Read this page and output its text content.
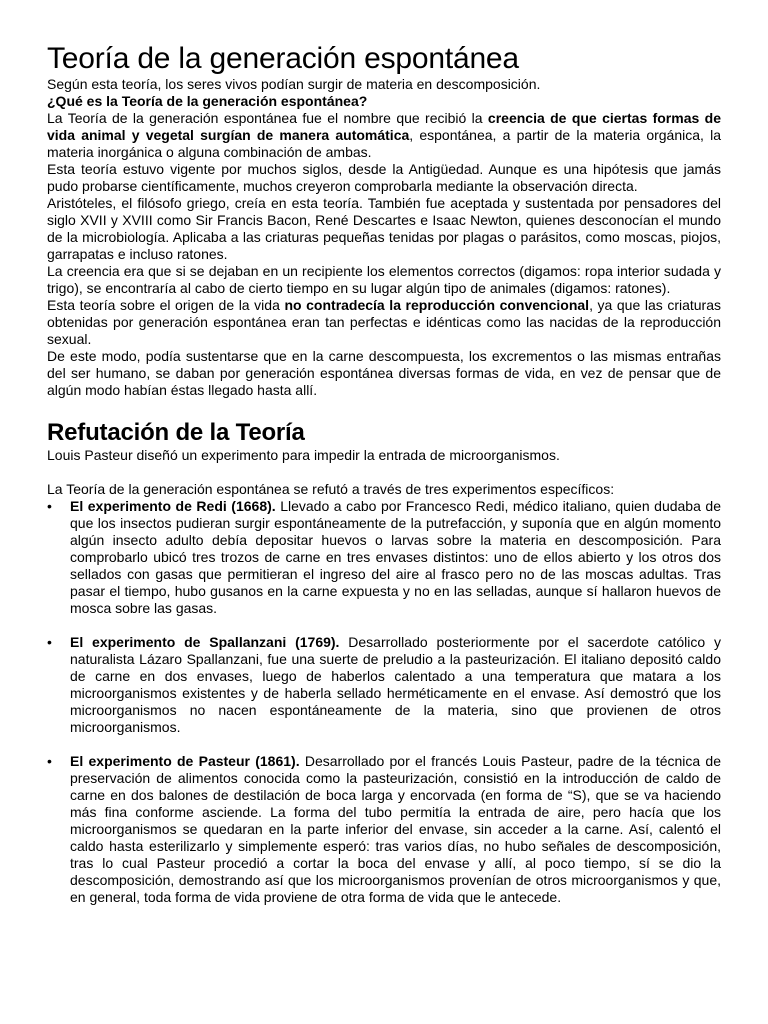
Teoría de la generación espontánea

Según esta teoría, los seres vivos podían surgir de materia en descomposición.

¿Qué es la Teoría de la generación espontánea?

La Teoría de la generación espontánea fue el nombre que recibió la creencia de que ciertas formas de vida animal y vegetal surgían de manera automática, espontánea, a partir de la materia orgánica, la materia inorgánica o alguna combinación de ambas.

Esta teoría estuvo vigente por muchos siglos, desde la Antigüedad. Aunque es una hipótesis que jamás pudo probarse científicamente, muchos creyeron comprobarla mediante la observación directa.

Aristóteles, el filósofo griego, creía en esta teoría. También fue aceptada y sustentada por pensadores del siglo XVII y XVIII como Sir Francis Bacon, René Descartes e Isaac Newton, quienes desconocían el mundo de la microbiología. Aplicaba a las criaturas pequeñas tenidas por plagas o parásitos, como moscas, piojos, garrapatas e incluso ratones.

La creencia era que si se dejaban en un recipiente los elementos correctos (digamos: ropa interior sudada y trigo), se encontraría al cabo de cierto tiempo en su lugar algún tipo de animales (digamos: ratones).

Esta teoría sobre el origen de la vida no contradecía la reproducción convencional, ya que las criaturas obtenidas por generación espontánea eran tan perfectas e idénticas como las nacidas de la reproducción sexual.

De este modo, podía sustentarse que en la carne descompuesta, los excrementos o las mismas entrañas del ser humano, se daban por generación espontánea diversas formas de vida, en vez de pensar que de algún modo habían éstas llegado hasta allí.

Refutación de la Teoría

Louis Pasteur diseñó un experimento para impedir la entrada de microorganismos.

La Teoría de la generación espontánea se refutó a través de tres experimentos específicos:

• El experimento de Redi (1668). Llevado a cabo por Francesco Redi, médico italiano, quien dudaba de que los insectos pudieran surgir espontáneamente de la putrefacción, y suponía que en algún momento algún insecto adulto debía depositar huevos o larvas sobre la materia en descomposición. Para comprobarlo ubicó tres trozos de carne en tres envases distintos: uno de ellos abierto y los otros dos sellados con gasas que permitieran el ingreso del aire al frasco pero no de las moscas adultas. Tras pasar el tiempo, hubo gusanos en la carne expuesta y no en las selladas, aunque sí hallaron huevos de mosca sobre las gasas.
• El experimento de Spallanzani (1769). Desarrollado posteriormente por el sacerdote católico y naturalista Lázaro Spallanzani, fue una suerte de preludio a la pasteurización. El italiano depositó caldo de carne en dos envases, luego de haberlos calentado a una temperatura que matara a los microorganismos existentes y de haberla sellado herméticamente en el envase. Así demostró que los microorganismos no nacen espontáneamente de la materia, sino que provienen de otros microorganismos.
• El experimento de Pasteur (1861). Desarrollado por el francés Louis Pasteur, padre de la técnica de preservación de alimentos conocida como la pasteurización, consistió en la introducción de caldo de carne en dos balones de destilación de boca larga y encorvada (en forma de “S), que se va haciendo más fina conforme asciende. La forma del tubo permitía la entrada de aire, pero hacía que los microorganismos se quedaran en la parte inferior del envase, sin acceder a la carne. Así, calentó el caldo hasta esterilizarlo y simplemente esperó: tras varios días, no hubo señales de descomposición, tras lo cual Pasteur procedió a cortar la boca del envase y allí, al poco tiempo, sí se dio la descomposición, demostrando así que los microorganismos provenían de otros microorganismos y que, en general, toda forma de vida proviene de otra forma de vida que le antecede.
